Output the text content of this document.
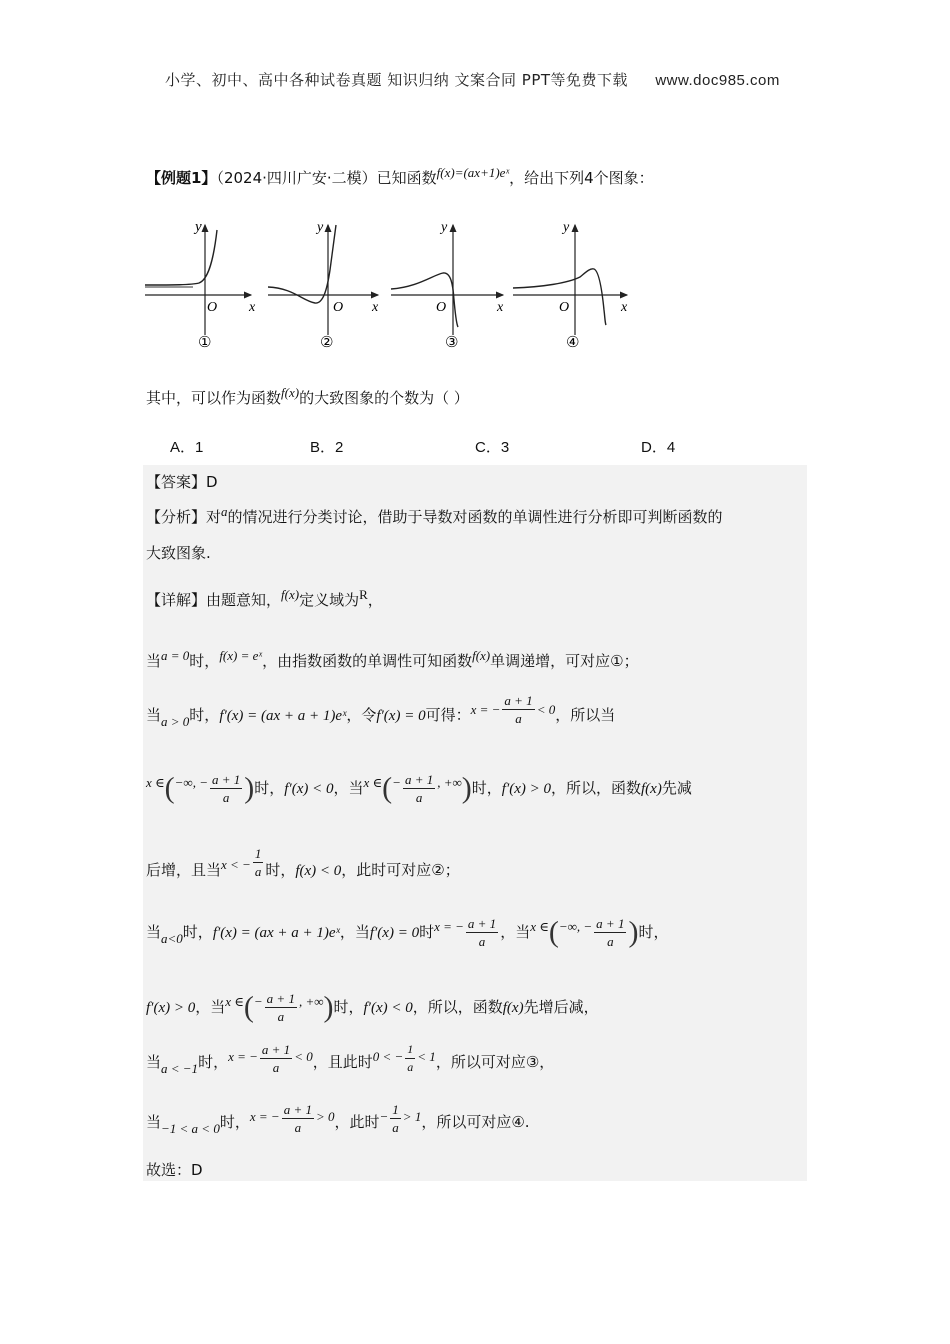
小学、初中、高中各种试卷真题 知识归纳 文案合同 PPT等免费下载 www.doc985.com
【例题1】（2024·四川广安·二模）已知函数f(x)=(ax+1)eˣ，给出下列4个图象：
y
O x
①
y
O x
②
y
O	x
③
y
O	x
④
其中，可以作为函数f(x)的大致图象的个数为（ ）
A．1	B．2	C．3	D．4
【答案】D
【分析】对a的情况进行分类讨论，借助于导数对函数的单调性进行分析即可判断函数的
大致图象.
【详解】由题意知，f(x)定义域为R，
当a = 0时，f(x) = eˣ，由指数函数的单调性可知函数f(x)单调递增，可对应①；
当a > 0时，f′(x) = (ax + a + 1)eˣ，令f′(x) = 0可得：x = − $\frac{a + 1}{a} < 0$，所以当
x ∈(−∞, − $\frac{a + 1}{a}$ )时，f′(x) < 0，当x ∈(− $\frac{a + 1}{a}$ , +∞)时，f′(x) > 0，所以，函数f(x)先减
后增，且当x < − $\frac{1}{a}$ 时，f(x) < 0，此时可对应②；
当a<0时，f′(x) = (ax + a + 1)eˣ，当f′(x) = 0时x = − $\frac{a + 1}{a}$ ，当x ∈(−∞, − $\frac{a + 1}{a}$ )时，
f′(x) > 0，当x ∈(− $\frac{a + 1}{a}$ , +∞)时，f′(x) < 0，所以，函数f(x)先增后减，
当a < −1时，x = − $\frac{a + 1}{a} < 0$，且此时0 < − $\frac{1}{a} < 1$，所以可对应③，
当−1 < a < 0时，x = − $\frac{a + 1}{a} > 0$，此时− $\frac{1}{a} > 1$，所以可对应④.
故选：D
